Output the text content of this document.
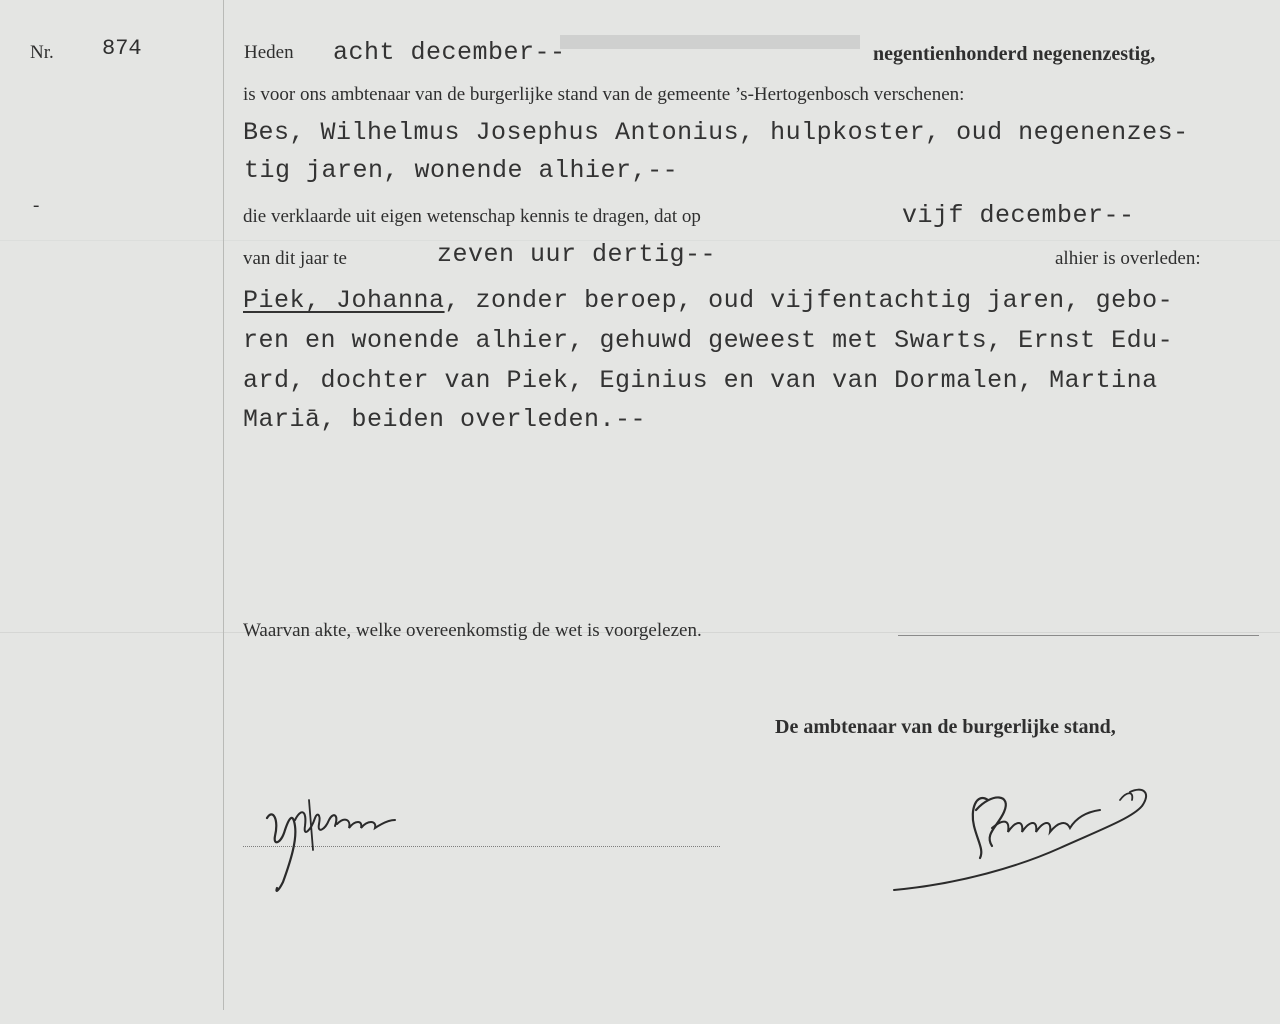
Nr. 874	Heden acht december--	negentienhonderd negenenzestig,
is voor ons ambtenaar van de burgerlijke stand van de gemeente ’s-Hertogenbosch verschenen:
Bes, Wilhelmus Josephus Antonius, hulpkoster, oud negenenzes-
tig jaren, wonende alhier,--
-
die verklaarde uit eigen wetenschap kennis te dragen, dat op	vijf december--
van dit jaar te	zeven uur dertig--	alhier is overleden:
Piek, Johanna, zonder beroep, oud vijfentachtig jaren, gebo-
ren en wonende alhier, gehuwd geweest met Swarts, Ernst Edu-
ard, dochter van Piek, Eginius en van van Dormalen, Martina
Mariā, beiden overleden.--
Waarvan akte, welke overeenkomstig de wet is voorgelezen.
De ambtenaar van de burgerlijke stand,
